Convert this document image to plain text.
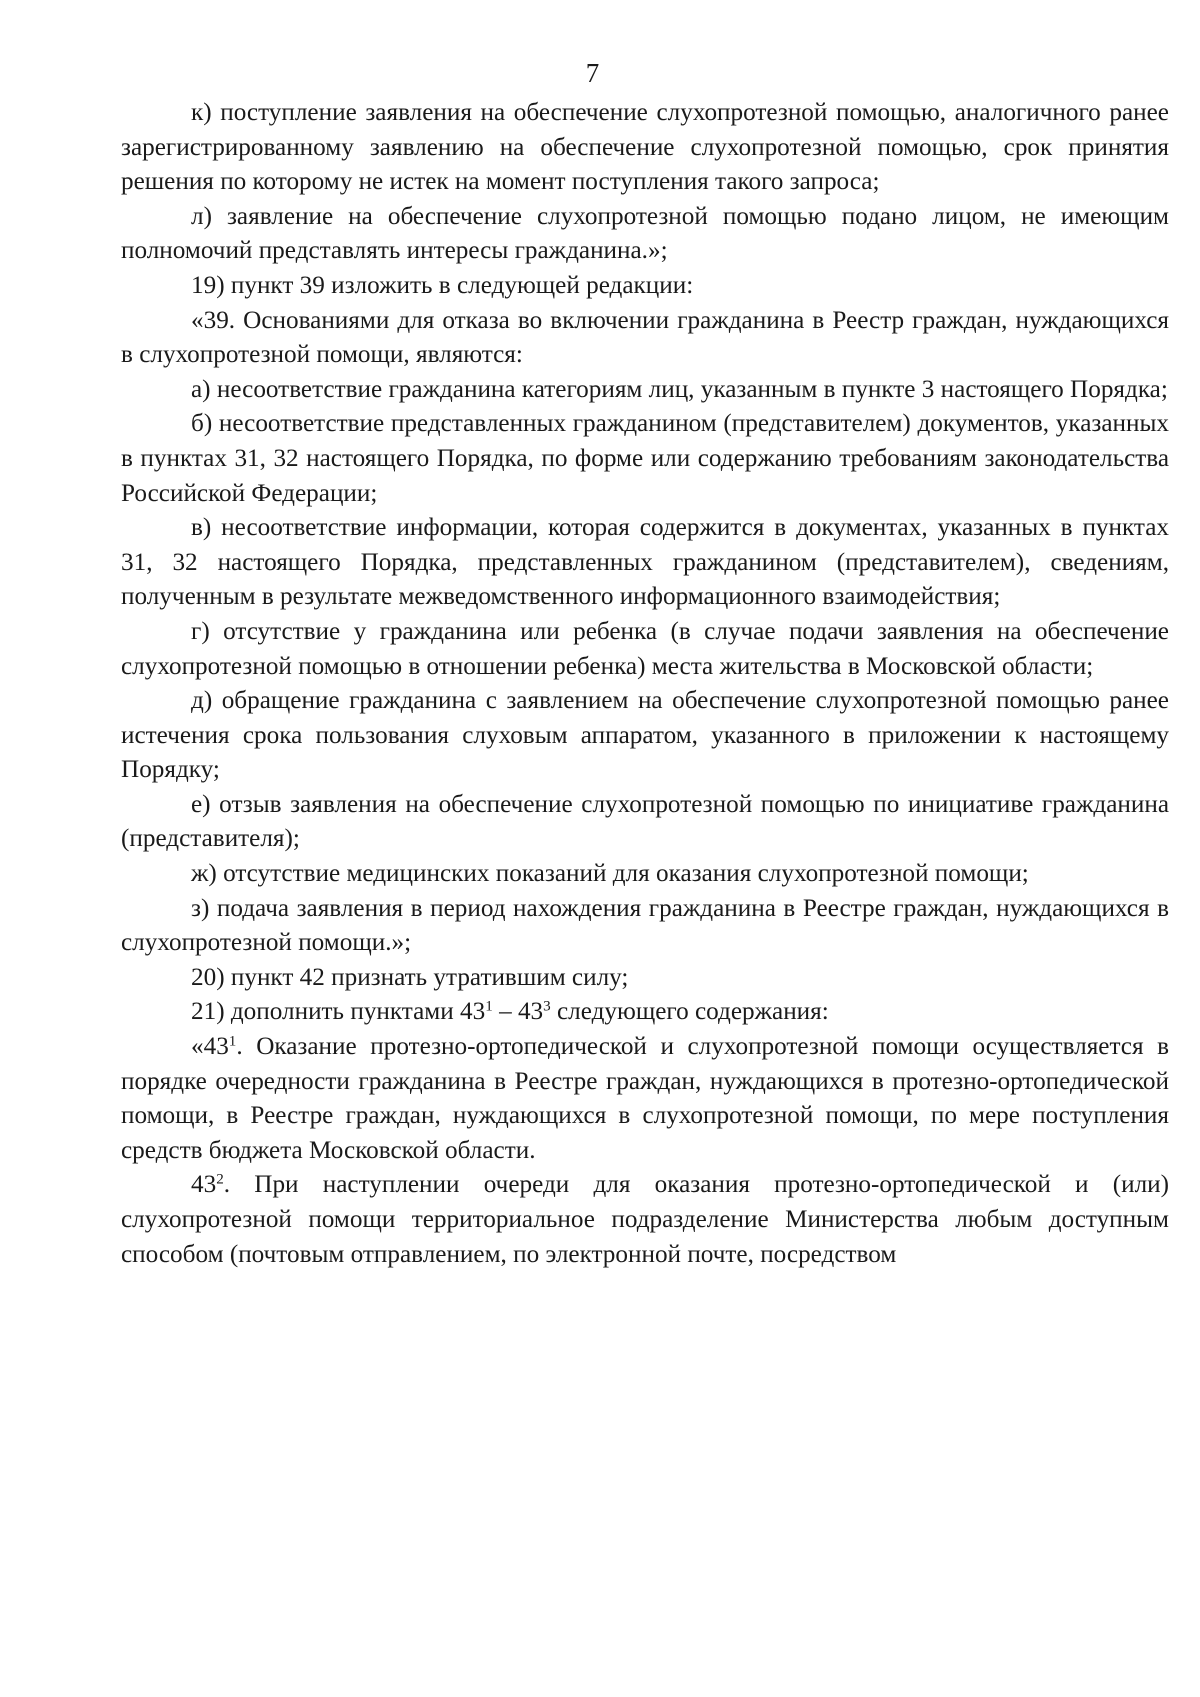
7

к) поступление заявления на обеспечение слухопротезной помощью, аналогичного ранее зарегистрированному заявлению на обеспечение слухопротезной помощью, срок принятия решения по которому не истек на момент поступления такого запроса;

л) заявление на обеспечение слухопротезной помощью подано лицом, не имеющим полномочий представлять интересы гражданина.»;

19) пункт 39 изложить в следующей редакции:

«39. Основаниями для отказа во включении гражданина в Реестр граждан, нуждающихся в слухопротезной помощи, являются:

а) несоответствие гражданина категориям лиц, указанным в пункте 3 настоящего Порядка;

б) несоответствие представленных гражданином (представителем) документов, указанных в пунктах 31, 32 настоящего Порядка, по форме или содержанию требованиям законодательства Российской Федерации;

в) несоответствие информации, которая содержится в документах, указанных в пунктах 31, 32 настоящего Порядка, представленных гражданином (представителем), сведениям, полученным в результате межведомственного информационного взаимодействия;

г) отсутствие у гражданина или ребенка (в случае подачи заявления на обеспечение слухопротезной помощью в отношении ребенка) места жительства в Московской области;

д) обращение гражданина с заявлением на обеспечение слухопротезной помощью ранее истечения срока пользования слуховым аппаратом, указанного в приложении к настоящему Порядку;

е) отзыв заявления на обеспечение слухопротезной помощью по инициативе гражданина (представителя);

ж) отсутствие медицинских показаний для оказания слухопротезной помощи;

з) подача заявления в период нахождения гражданина в Реестре граждан, нуждающихся в слухопротезной помощи.»;

20) пункт 42 признать утратившим силу;

21) дополнить пунктами $43^1 - 43^3$ следующего содержания:

«$43^1$. Оказание протезно-ортопедической и слухопротезной помощи осуществляется в порядке очередности гражданина в Реестре граждан, нуждающихся в протезно-ортопедической помощи, в Реестре граждан, нуждающихся в слухопротезной помощи, по мере поступления средств бюджета Московской области.

$43^2$. При наступлении очереди для оказания протезно-ортопедической и (или) слухопротезной помощи территориальное подразделение Министерства любым доступным способом (почтовым отправлением, по электронной почте, посредством
